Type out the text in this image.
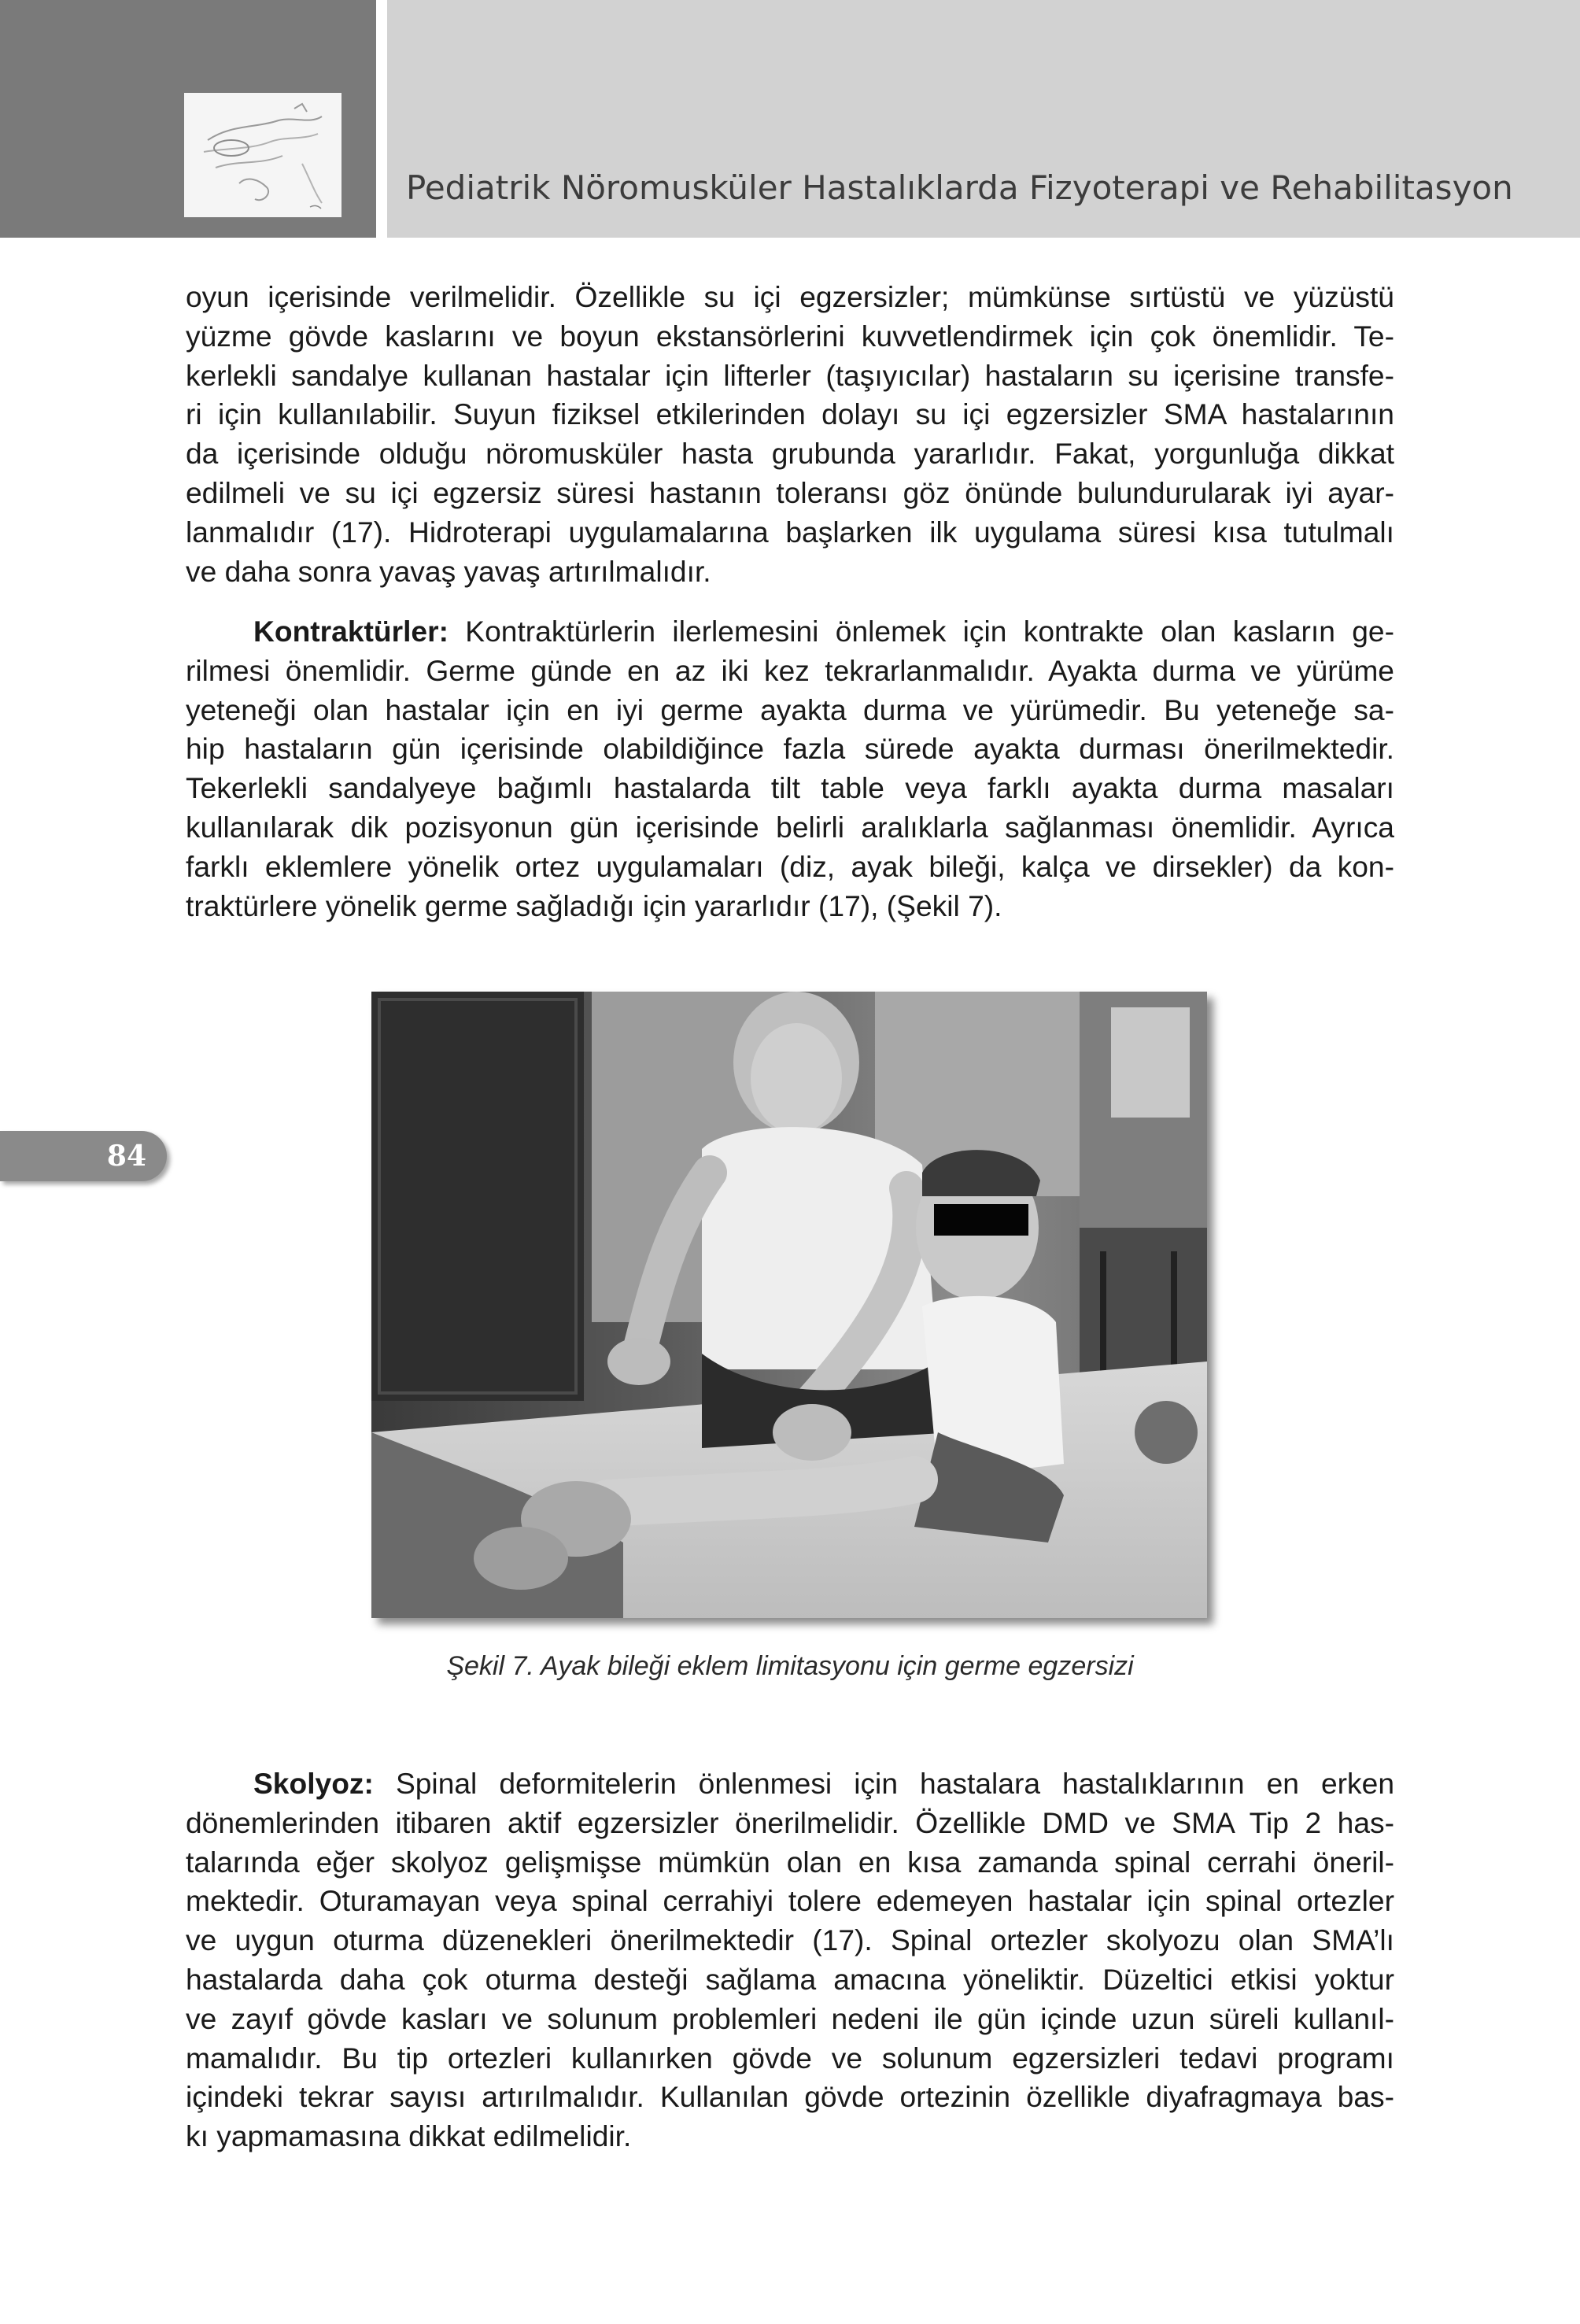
Pediatrik Nöromusküler Hastalıklarda Fizyoterapi ve Rehabilitasyon
oyun içerisinde verilmelidir. Özellikle su içi egzersizler; mümkünse sırtüstü ve yüzüstü
yüzme gövde kaslarını ve boyun ekstansörlerini kuvvetlendirmek için çok önemlidir. Te-
kerlekli sandalye kullanan hastalar için lifterler (taşıyıcılar) hastaların su içerisine transfe-
ri için kullanılabilir. Suyun fiziksel etkilerinden dolayı su içi egzersizler SMA hastalarının
da içerisinde olduğu nöromusküler hasta grubunda yararlıdır. Fakat, yorgunluğa dikkat
edilmeli ve su içi egzersiz süresi hastanın toleransı göz önünde bulundurularak iyi ayar-
lanmalıdır (17). Hidroterapi uygulamalarına başlarken ilk uygulama süresi kısa tutulmalı
ve daha sonra yavaş yavaş artırılmalıdır.
Kontraktürler: Kontraktürlerin ilerlemesini önlemek için kontrakte olan kasların ge-
rilmesi önemlidir. Germe günde en az iki kez tekrarlanmalıdır. Ayakta durma ve yürüme
yeteneği olan hastalar için en iyi germe ayakta durma ve yürümedir. Bu yeteneğe sa-
hip hastaların gün içerisinde olabildiğince fazla sürede ayakta durması önerilmektedir.
Tekerlekli sandalyeye bağımlı hastalarda tilt table veya farklı ayakta durma masaları
kullanılarak dik pozisyonun gün içerisinde belirli aralıklarla sağlanması önemlidir. Ayrıca
farklı eklemlere yönelik ortez uygulamaları (diz, ayak bileği, kalça ve dirsekler) da kon-
traktürlere yönelik germe sağladığı için yararlıdır (17), (Şekil 7).
84
Şekil 7. Ayak bileği eklem limitasyonu için germe egzersizi
Skolyoz: Spinal deformitelerin önlenmesi için hastalara hastalıklarının en erken
dönemlerinden itibaren aktif egzersizler önerilmelidir. Özellikle DMD ve SMA Tip 2 has-
talarında eğer skolyoz gelişmişse mümkün olan en kısa zamanda spinal cerrahi öneril-
mektedir. Oturamayan veya spinal cerrahiyi tolere edemeyen hastalar için spinal ortezler
ve uygun oturma düzenekleri önerilmektedir (17). Spinal ortezler skolyozu olan SMA’lı
hastalarda daha çok oturma desteği sağlama amacına yöneliktir. Düzeltici etkisi yoktur
ve zayıf gövde kasları ve solunum problemleri nedeni ile gün içinde uzun süreli kullanıl-
mamalıdır. Bu tip ortezleri kullanırken gövde ve solunum egzersizleri tedavi programı
içindeki tekrar sayısı artırılmalıdır. Kullanılan gövde ortezinin özellikle diyafragmaya bas-
kı yapmamasına dikkat edilmelidir.
